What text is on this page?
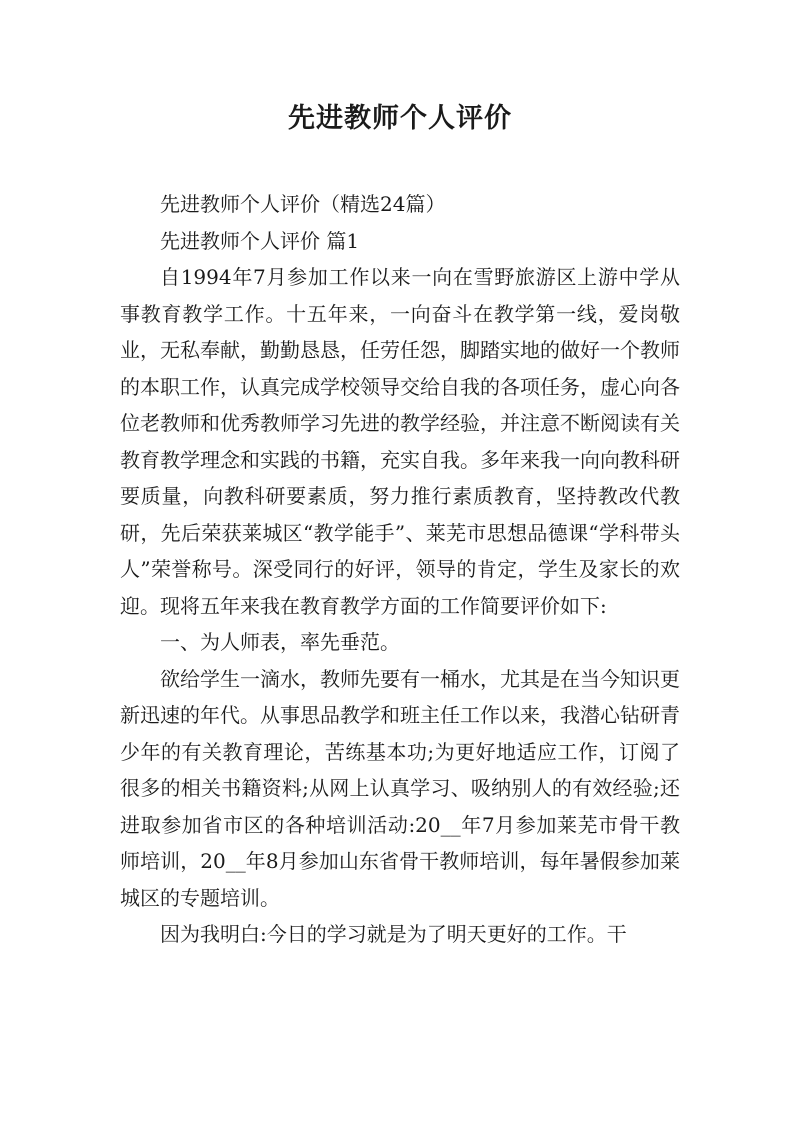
先进教师个人评价

先进教师个人评价（精选24篇）

先进教师个人评价 篇1

自1994年7月参加工作以来一向在雪野旅游区上游中学从事教育教学工作。十五年来，一向奋斗在教学第一线，爱岗敬业，无私奉献，勤勤恳恳，任劳任怨，脚踏实地的做好一个教师的本职工作，认真完成学校领导交给自我的各项任务，虚心向各位老教师和优秀教师学习先进的教学经验，并注意不断阅读有关教育教学理念和实践的书籍，充实自我。多年来我一向向教科研要质量，向教科研要素质，努力推行素质教育，坚持教改代教研，先后荣获莱城区“教学能手”、莱芜市思想品德课“学科带头人”荣誉称号。深受同行的好评，领导的肯定，学生及家长的欢迎。现将五年来我在教育教学方面的工作简要评价如下:

一、为人师表，率先垂范。

欲给学生一滴水，教师先要有一桶水，尤其是在当今知识更新迅速的年代。从事思品教学和班主任工作以来，我潜心钻研青少年的有关教育理论，苦练基本功;为更好地适应工作，订阅了很多的相关书籍资料;从网上认真学习、吸纳别人的有效经验;还进取参加省市区的各种培训活动:20__年7月参加莱芜市骨干教师培训，20__年8月参加山东省骨干教师培训，每年暑假参加莱城区的专题培训。

因为我明白:今日的学习就是为了明天更好的工作。干
